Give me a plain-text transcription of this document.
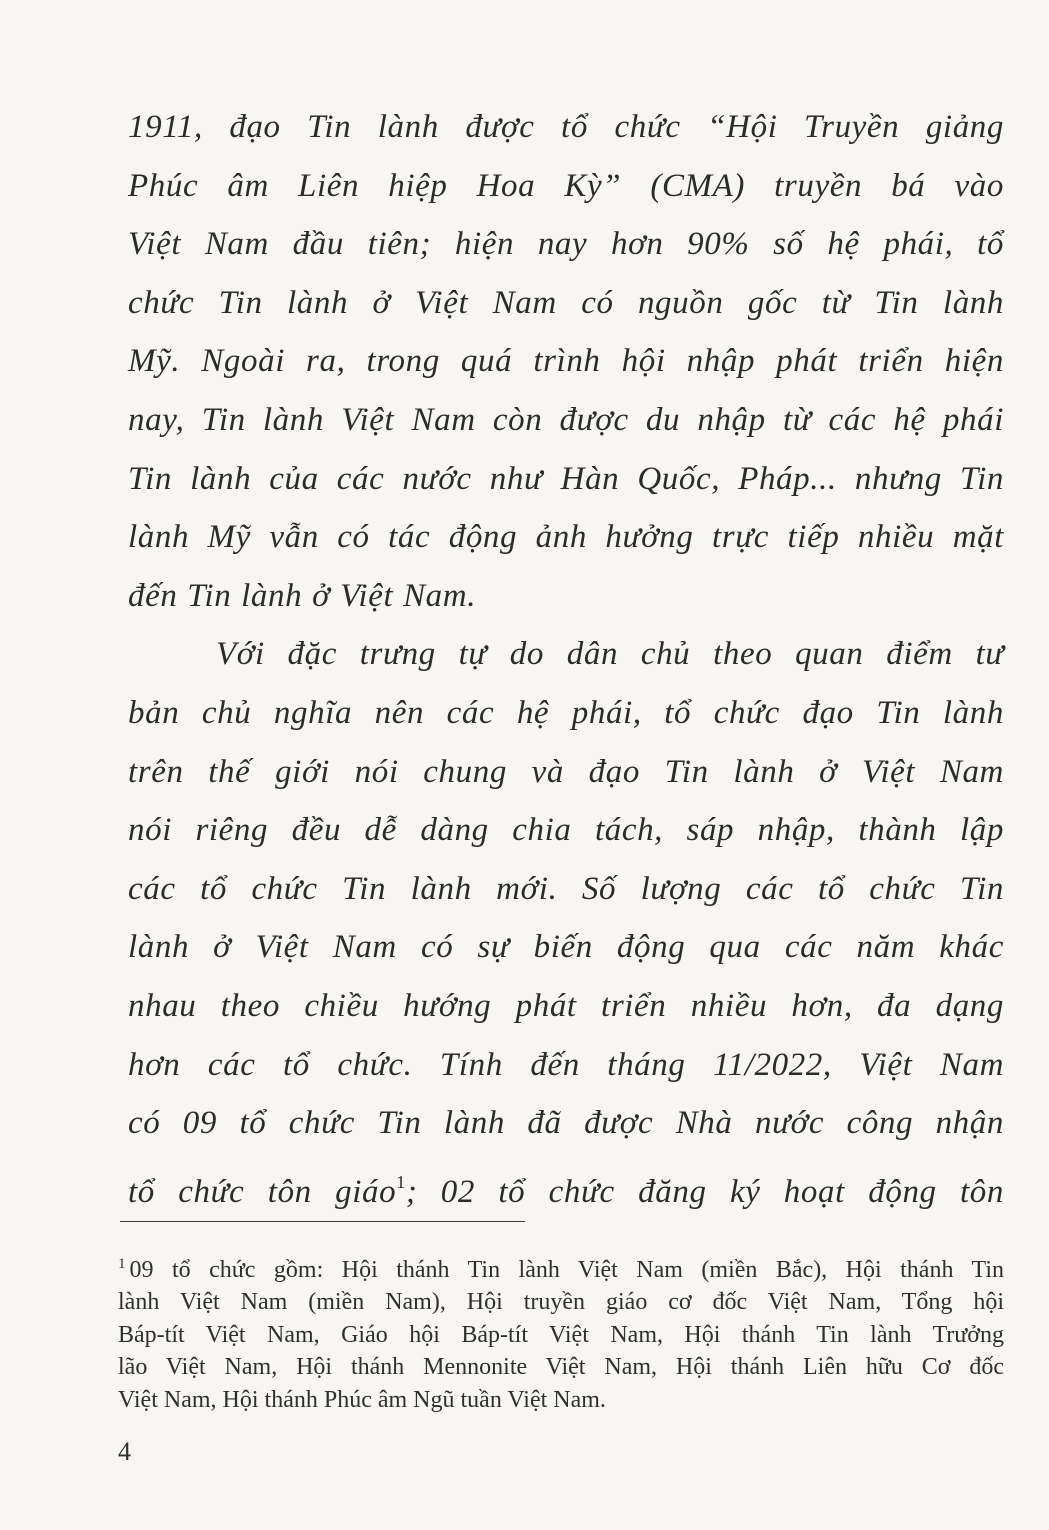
1911, đạo Tin lành được tổ chức “Hội Truyền giảng
Phúc âm Liên hiệp Hoa Kỳ” (CMA) truyền bá vào
Việt Nam đầu tiên; hiện nay hơn 90% số hệ phái, tổ
chức Tin lành ở Việt Nam có nguồn gốc từ Tin lành
Mỹ. Ngoài ra, trong quá trình hội nhập phát triển hiện
nay, Tin lành Việt Nam còn được du nhập từ các hệ phái
Tin lành của các nước như Hàn Quốc, Pháp... nhưng Tin
lành Mỹ vẫn có tác động ảnh hưởng trực tiếp nhiều mặt
đến Tin lành ở Việt Nam.
Với đặc trưng tự do dân chủ theo quan điểm tư
bản chủ nghĩa nên các hệ phái, tổ chức đạo Tin lành
trên thế giới nói chung và đạo Tin lành ở Việt Nam
nói riêng đều dễ dàng chia tách, sáp nhập, thành lập
các tổ chức Tin lành mới. Số lượng các tổ chức Tin
lành ở Việt Nam có sự biến động qua các năm khác
nhau theo chiều hướng phát triển nhiều hơn, đa dạng
hơn các tổ chức. Tính đến tháng 11/2022, Việt Nam
có 09 tổ chức Tin lành đã được Nhà nước công nhận
tổ chức tôn giáo$^1$; 02 tổ chức đăng ký hoạt động tôn
$^1$ 09 tổ chức gồm: Hội thánh Tin lành Việt Nam (miền Bắc), Hội thánh Tin
lành Việt Nam (miền Nam), Hội truyền giáo cơ đốc Việt Nam, Tổng hội
Báp-tít Việt Nam, Giáo hội Báp-tít Việt Nam, Hội thánh Tin lành Trưởng
lão Việt Nam, Hội thánh Mennonite Việt Nam, Hội thánh Liên hữu Cơ đốc
Việt Nam, Hội thánh Phúc âm Ngũ tuần Việt Nam.
4
